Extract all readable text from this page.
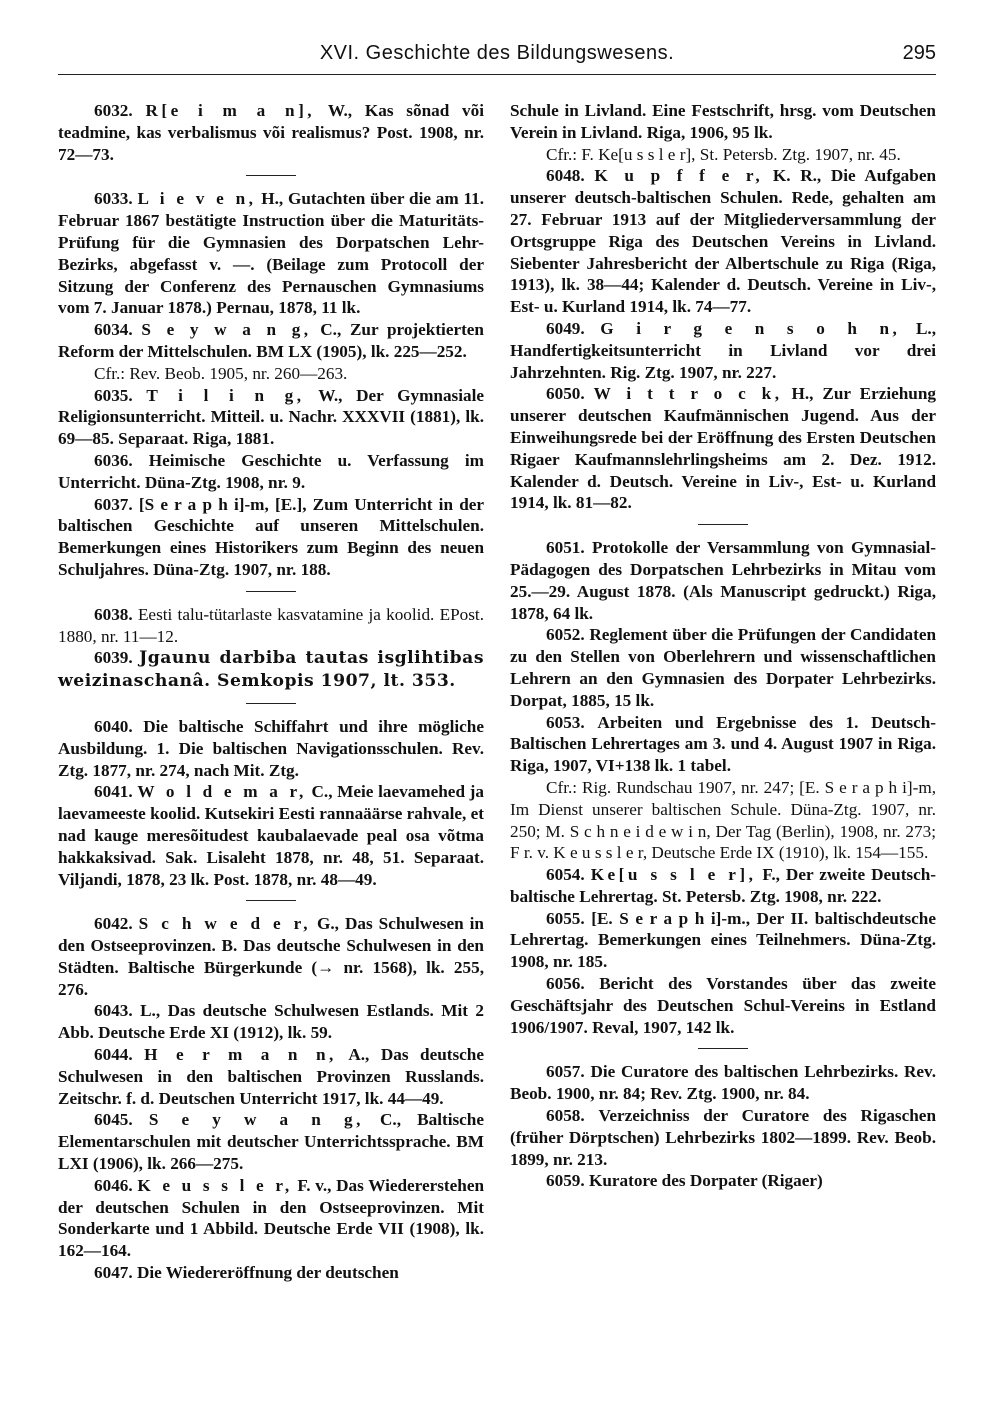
XVI. Geschichte des Bildungswesens.	295

6032. R[e i m a n], W., Kas sõnad või teadmine, kas verbalismus või realismus? Post. 1908, nr. 72—73.

6033. L i e v e n, H., Gutachten über die am 11. Februar 1867 bestätigte Instruction über die Maturitäts-Prüfung für die Gymnasien des Dorpatschen Lehr-Bezirks, abgefasst v. —. (Beilage zum Protocoll der Sitzung der Conferenz des Pernauschen Gymnasiums vom 7. Januar 1878.) Pernau, 1878, 11 lk.

6034. S e y w a n g, C., Zur projektierten Reform der Mittelschulen. BM LX (1905), lk. 225—252.

Cfr.: Rev. Beob. 1905, nr. 260—263.

6035. T i l i n g, W., Der Gymnasiale Religionsunterricht. Mitteil. u. Nachr. XXXVII (1881), lk. 69—85. Separaat. Riga, 1881.

6036. Heimische Geschichte u. Verfassung im Unterricht. Düna-Ztg. 1908, nr. 9.

6037. [S e r a p h i]-m, [E.], Zum Unterricht in der baltischen Geschichte auf unseren Mittelschulen. Bemerkungen eines Historikers zum Beginn des neuen Schuljahres. Düna-Ztg. 1907, nr. 188.

6038. Eesti talu-tütarlaste kasvatamine ja koolid. EPost. 1880, nr. 11—12.

6039. Jgaunu darbiba tautas isglihtibas weizinaschanâ. Semkopis 1907, lt. 353.

6040. Die baltische Schiffahrt und ihre mögliche Ausbildung. 1. Die baltischen Navigationsschulen. Rev. Ztg. 1877, nr. 274, nach Mit. Ztg.

6041. W o l d e m a r, C., Meie laevamehed ja laevameeste koolid. Kutsekiri Eesti rannaäärse rahvale, et nad kauge meresõitudest kaubalaevade peal osa võtma hakkaksivad. Sak. Lisaleht 1878, nr. 48, 51. Separaat. Viljandi, 1878, 23 lk. Post. 1878, nr. 48—49.

6042. S c h w e d e r, G., Das Schulwesen in den Ostseeprovinzen. B. Das deutsche Schulwesen in den Städten. Baltische Bürgerkunde (→ nr. 1568), lk. 255, 276.

6043. L., Das deutsche Schulwesen Estlands. Mit 2 Abb. Deutsche Erde XI (1912), lk. 59.

6044. H e r m a n n, A., Das deutsche Schulwesen in den baltischen Provinzen Russlands. Zeitschr. f. d. Deutschen Unterricht 1917, lk. 44—49.

6045. S e y w a n g, C., Baltische Elementarschulen mit deutscher Unterrichtssprache. BM LXI (1906), lk. 266—275.

6046. K e u s s l e r, F. v., Das Wiedererstehen der deutschen Schulen in den Ostseeprovinzen. Mit Sonderkarte und 1 Abbild. Deutsche Erde VII (1908), lk. 162—164.

6047. Die Wiedereröffnung der deutschen

Schule in Livland. Eine Festschrift, hrsg. vom Deutschen Verein in Livland. Riga, 1906, 95 lk.

Cfr.: F. Ke[u s s l e r], St. Petersb. Ztg. 1907, nr. 45.

6048. K u p f f e r, K. R., Die Aufgaben unserer deutsch-baltischen Schulen. Rede, gehalten am 27. Februar 1913 auf der Mitgliederversammlung der Ortsgruppe Riga des Deutschen Vereins in Livland. Siebenter Jahresbericht der Albertschule zu Riga (Riga, 1913), lk. 38—44; Kalender d. Deutsch. Vereine in Liv-, Est- u. Kurland 1914, lk. 74—77.

6049. G i r g e n s o h n, L., Handfertigkeitsunterricht in Livland vor drei Jahrzehnten. Rig. Ztg. 1907, nr. 227.

6050. W i t t r o c k, H., Zur Erziehung unserer deutschen Kaufmännischen Jugend. Aus der Einweihungsrede bei der Eröffnung des Ersten Deutschen Rigaer Kaufmannslehrlingsheims am 2. Dez. 1912. Kalender d. Deutsch. Vereine in Liv-, Est- u. Kurland 1914, lk. 81—82.

6051. Protokolle der Versammlung von Gymnasial-Pädagogen des Dorpatschen Lehrbezirks in Mitau vom 25.—29. August 1878. (Als Manuscript gedruckt.) Riga, 1878, 64 lk.

6052. Reglement über die Prüfungen der Candidaten zu den Stellen von Oberlehrern und wissenschaftlichen Lehrern an den Gymnasien des Dorpater Lehrbezirks. Dorpat, 1885, 15 lk.

6053. Arbeiten und Ergebnisse des 1. Deutsch-Baltischen Lehrertages am 3. und 4. August 1907 in Riga. Riga, 1907, VI+138 lk. 1 tabel.

Cfr.: Rig. Rundschau 1907, nr. 247; [E. S e r a p h i]-m, Im Dienst unserer baltischen Schule. Düna-Ztg. 1907, nr. 250; M. S c h n e i d e w i n, Der Tag (Berlin), 1908, nr. 273; F r. v. K e u s s l e r, Deutsche Erde IX (1910), lk. 154—155.

6054. Ke[u s s l e r], F., Der zweite Deutsch-baltische Lehrertag. St. Petersb. Ztg. 1908, nr. 222.

6055. [E. S e r a p h i]-m., Der II. baltischdeutsche Lehrertag. Bemerkungen eines Teilnehmers. Düna-Ztg. 1908, nr. 185.

6056. Bericht des Vorstandes über das zweite Geschäftsjahr des Deutschen Schul-Vereins in Estland 1906/1907. Reval, 1907, 142 lk.

6057. Die Curatore des baltischen Lehrbezirks. Rev. Beob. 1900, nr. 84; Rev. Ztg. 1900, nr. 84.

6058. Verzeichniss der Curatore des Rigaschen (früher Dörptschen) Lehrbezirks 1802—1899. Rev. Beob. 1899, nr. 213.

6059. Kuratore des Dorpater (Rigaer)
